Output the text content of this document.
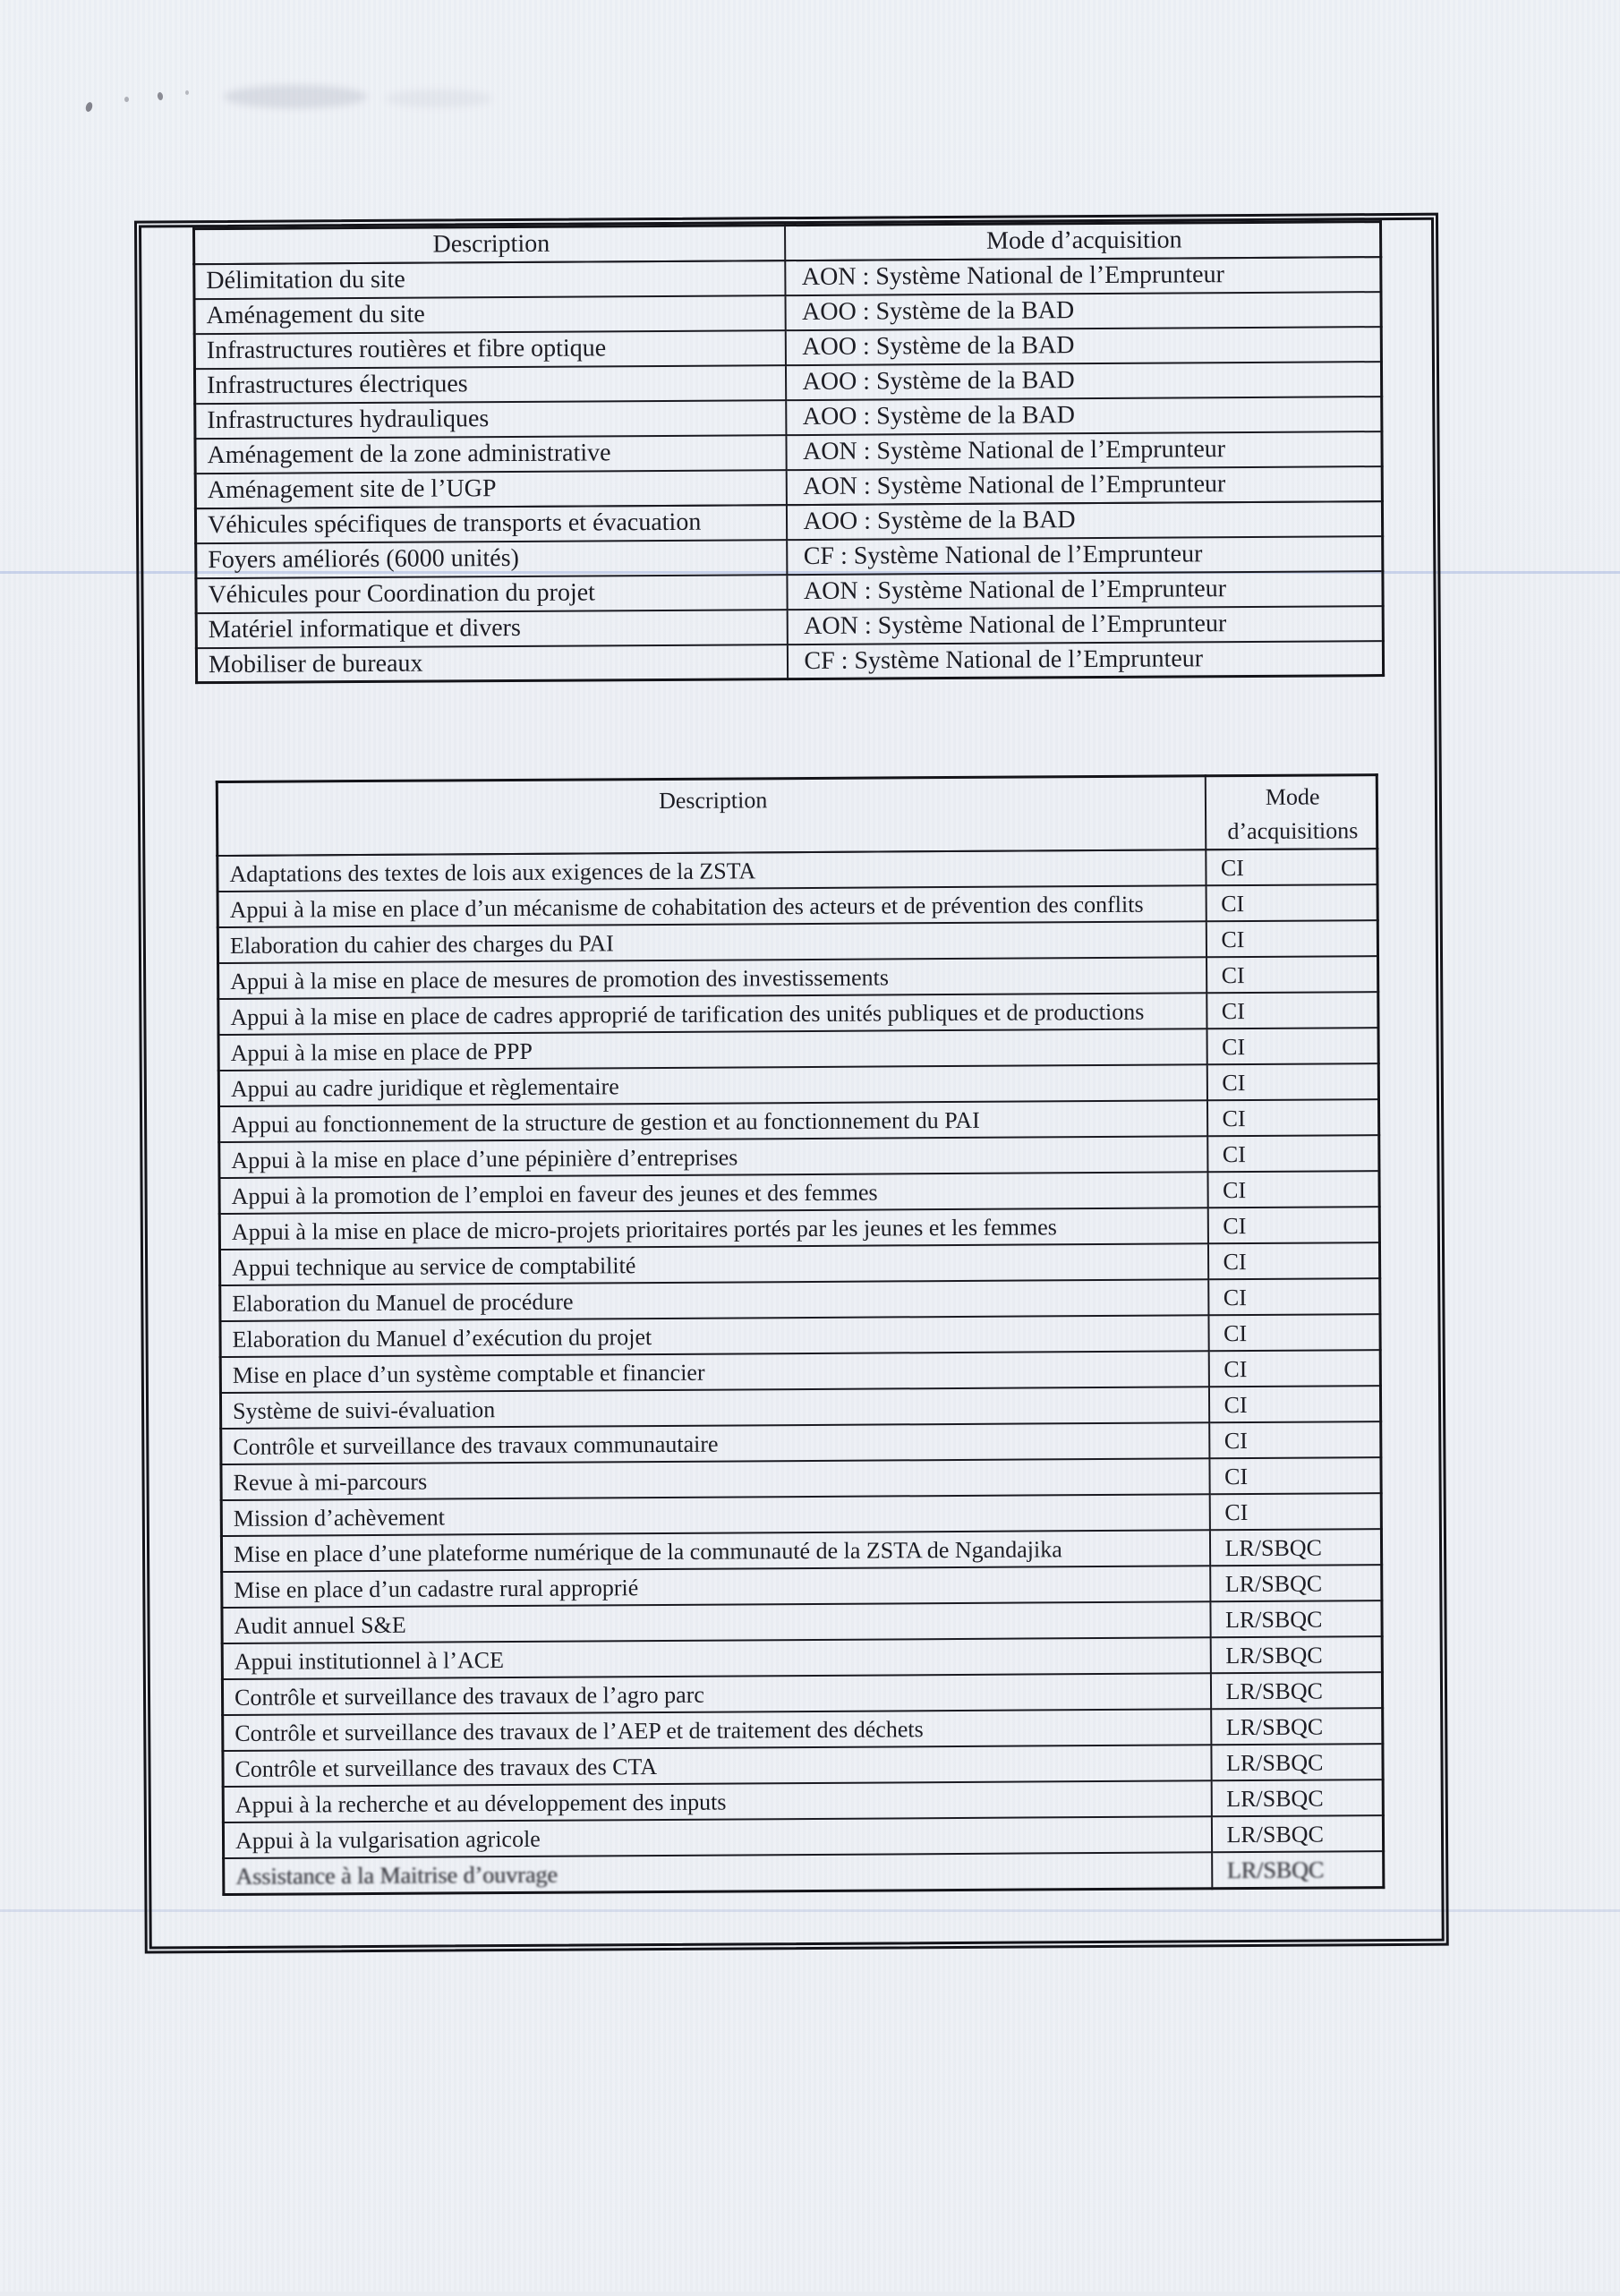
Description	Mode d’acquisition

Délimitation du site	AON : Système National de l’Emprunteur
Aménagement du site	AOO : Système de la BAD
Infrastructures routières et fibre optique	AOO : Système de la BAD
Infrastructures électriques	AOO : Système de la BAD
Infrastructures hydrauliques	AOO : Système de la BAD
Aménagement de la zone administrative	AON : Système National de l’Emprunteur
Aménagement site de l’UGP	AON : Système National de l’Emprunteur

Véhicules spécifiques de transports et évacuation	AOO : Système de la BAD
Foyers améliorés (6000 unités)	CF : Système National de l’Emprunteur
Véhicules pour Coordination du projet	AON : Système National de l’Emprunteur
Matériel informatique et divers	AON : Système National de l’Emprunteur
Mobiliser de bureaux	CF : Système National de l’Emprunteur
Description	Mode d’acquisitions

Adaptations des textes de lois aux exigences de la ZSTA	CI
Appui à la mise en place d’un mécanisme de cohabitation des acteurs et de prévention des conflits	CI
Elaboration du cahier des charges du PAI	CI
Appui à la mise en place de mesures de promotion des investissements	CI
Appui à la mise en place de cadres approprié de tarification des unités publiques et de productions	CI
Appui à la mise en place de PPP	CI
Appui au cadre juridique et règlementaire	CI
Appui au fonctionnement de la structure de gestion et au fonctionnement du PAI	CI
Appui à la mise en place d’une pépinière d’entreprises	CI
Appui à la promotion de l’emploi en faveur des jeunes et des femmes	CI
Appui à la mise en place de micro-projets prioritaires portés par les jeunes et les femmes	CI
Appui technique au service de comptabilité	CI
Elaboration du Manuel de procédure	CI
Elaboration du Manuel d’exécution du projet	CI
Mise en place d’un système comptable et financier	CI
Système de suivi-évaluation	CI
Contrôle et surveillance des travaux communautaire	CI
Revue à mi-parcours	CI
Mission d’achèvement	CI
Mise en place d’une plateforme numérique de la communauté de la ZSTA de Ngandajika	LR/SBQC
Mise en place d’un cadastre rural approprié	LR/SBQC
Audit annuel S&E	LR/SBQC
Appui institutionnel à l’ACE	LR/SBQC
Contrôle et surveillance des travaux de l’agro parc	LR/SBQC
Contrôle et surveillance des travaux de l’AEP et de traitement des déchets	LR/SBQC
Contrôle et surveillance des travaux des CTA	LR/SBQC
Appui à la recherche et au développement des inputs	LR/SBQC
Appui à la vulgarisation agricole	LR/SBQC
Assistance à la Maitrise d’ouvrage	LR/SBQC
